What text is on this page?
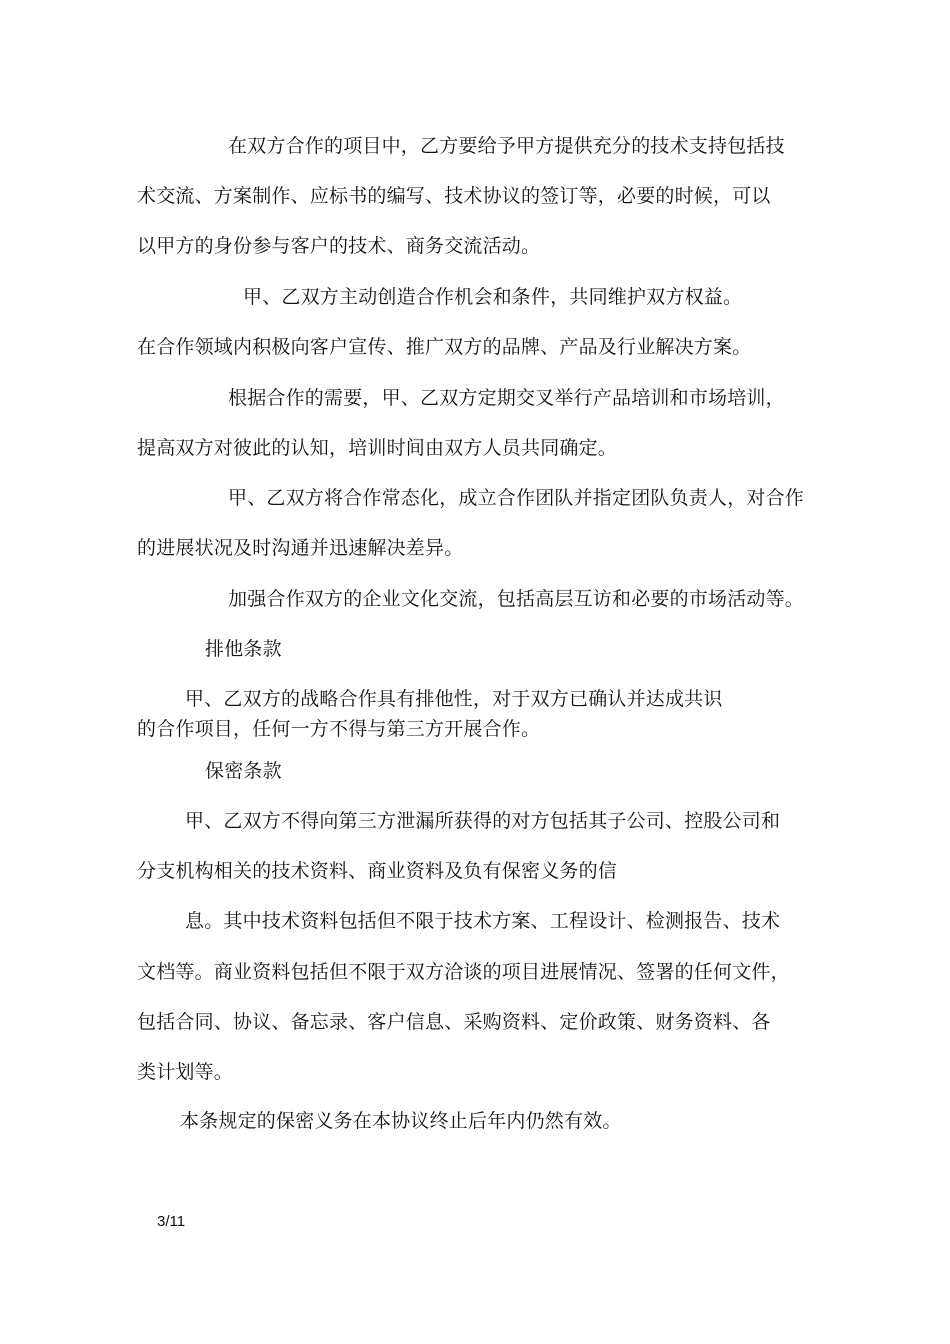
在双方合作的项目中，乙方要给予甲方提供充分的技术支持包括技
术交流、方案制作、应标书的编写、技术协议的签订等，必要的时候，可以
以甲方的身份参与客户的技术、商务交流活动。
甲、乙双方主动创造合作机会和条件，共同维护双方权益。
在合作领域内积极向客户宣传、推广双方的品牌、产品及行业解决方案。
根据合作的需要，甲、乙双方定期交叉举行产品培训和市场培训，
提高双方对彼此的认知，培训时间由双方人员共同确定。
甲、乙双方将合作常态化，成立合作团队并指定团队负责人，对合作
的进展状况及时沟通并迅速解决差异。
加强合作双方的企业文化交流，包括高层互访和必要的市场活动等。
排他条款
甲、乙双方的战略合作具有排他性，对于双方已确认并达成共识
的合作项目，任何一方不得与第三方开展合作。
保密条款
甲、乙双方不得向第三方泄漏所获得的对方包括其子公司、控股公司和
分支机构相关的技术资料、商业资料及负有保密义务的信
息。其中技术资料包括但不限于技术方案、工程设计、检测报告、技术
文档等。商业资料包括但不限于双方洽谈的项目进展情况、签署的任何文件，
包括合同、协议、备忘录、客户信息、采购资料、定价政策、财务资料、各
类计划等。
本条规定的保密义务在本协议终止后年内仍然有效。
3/11
